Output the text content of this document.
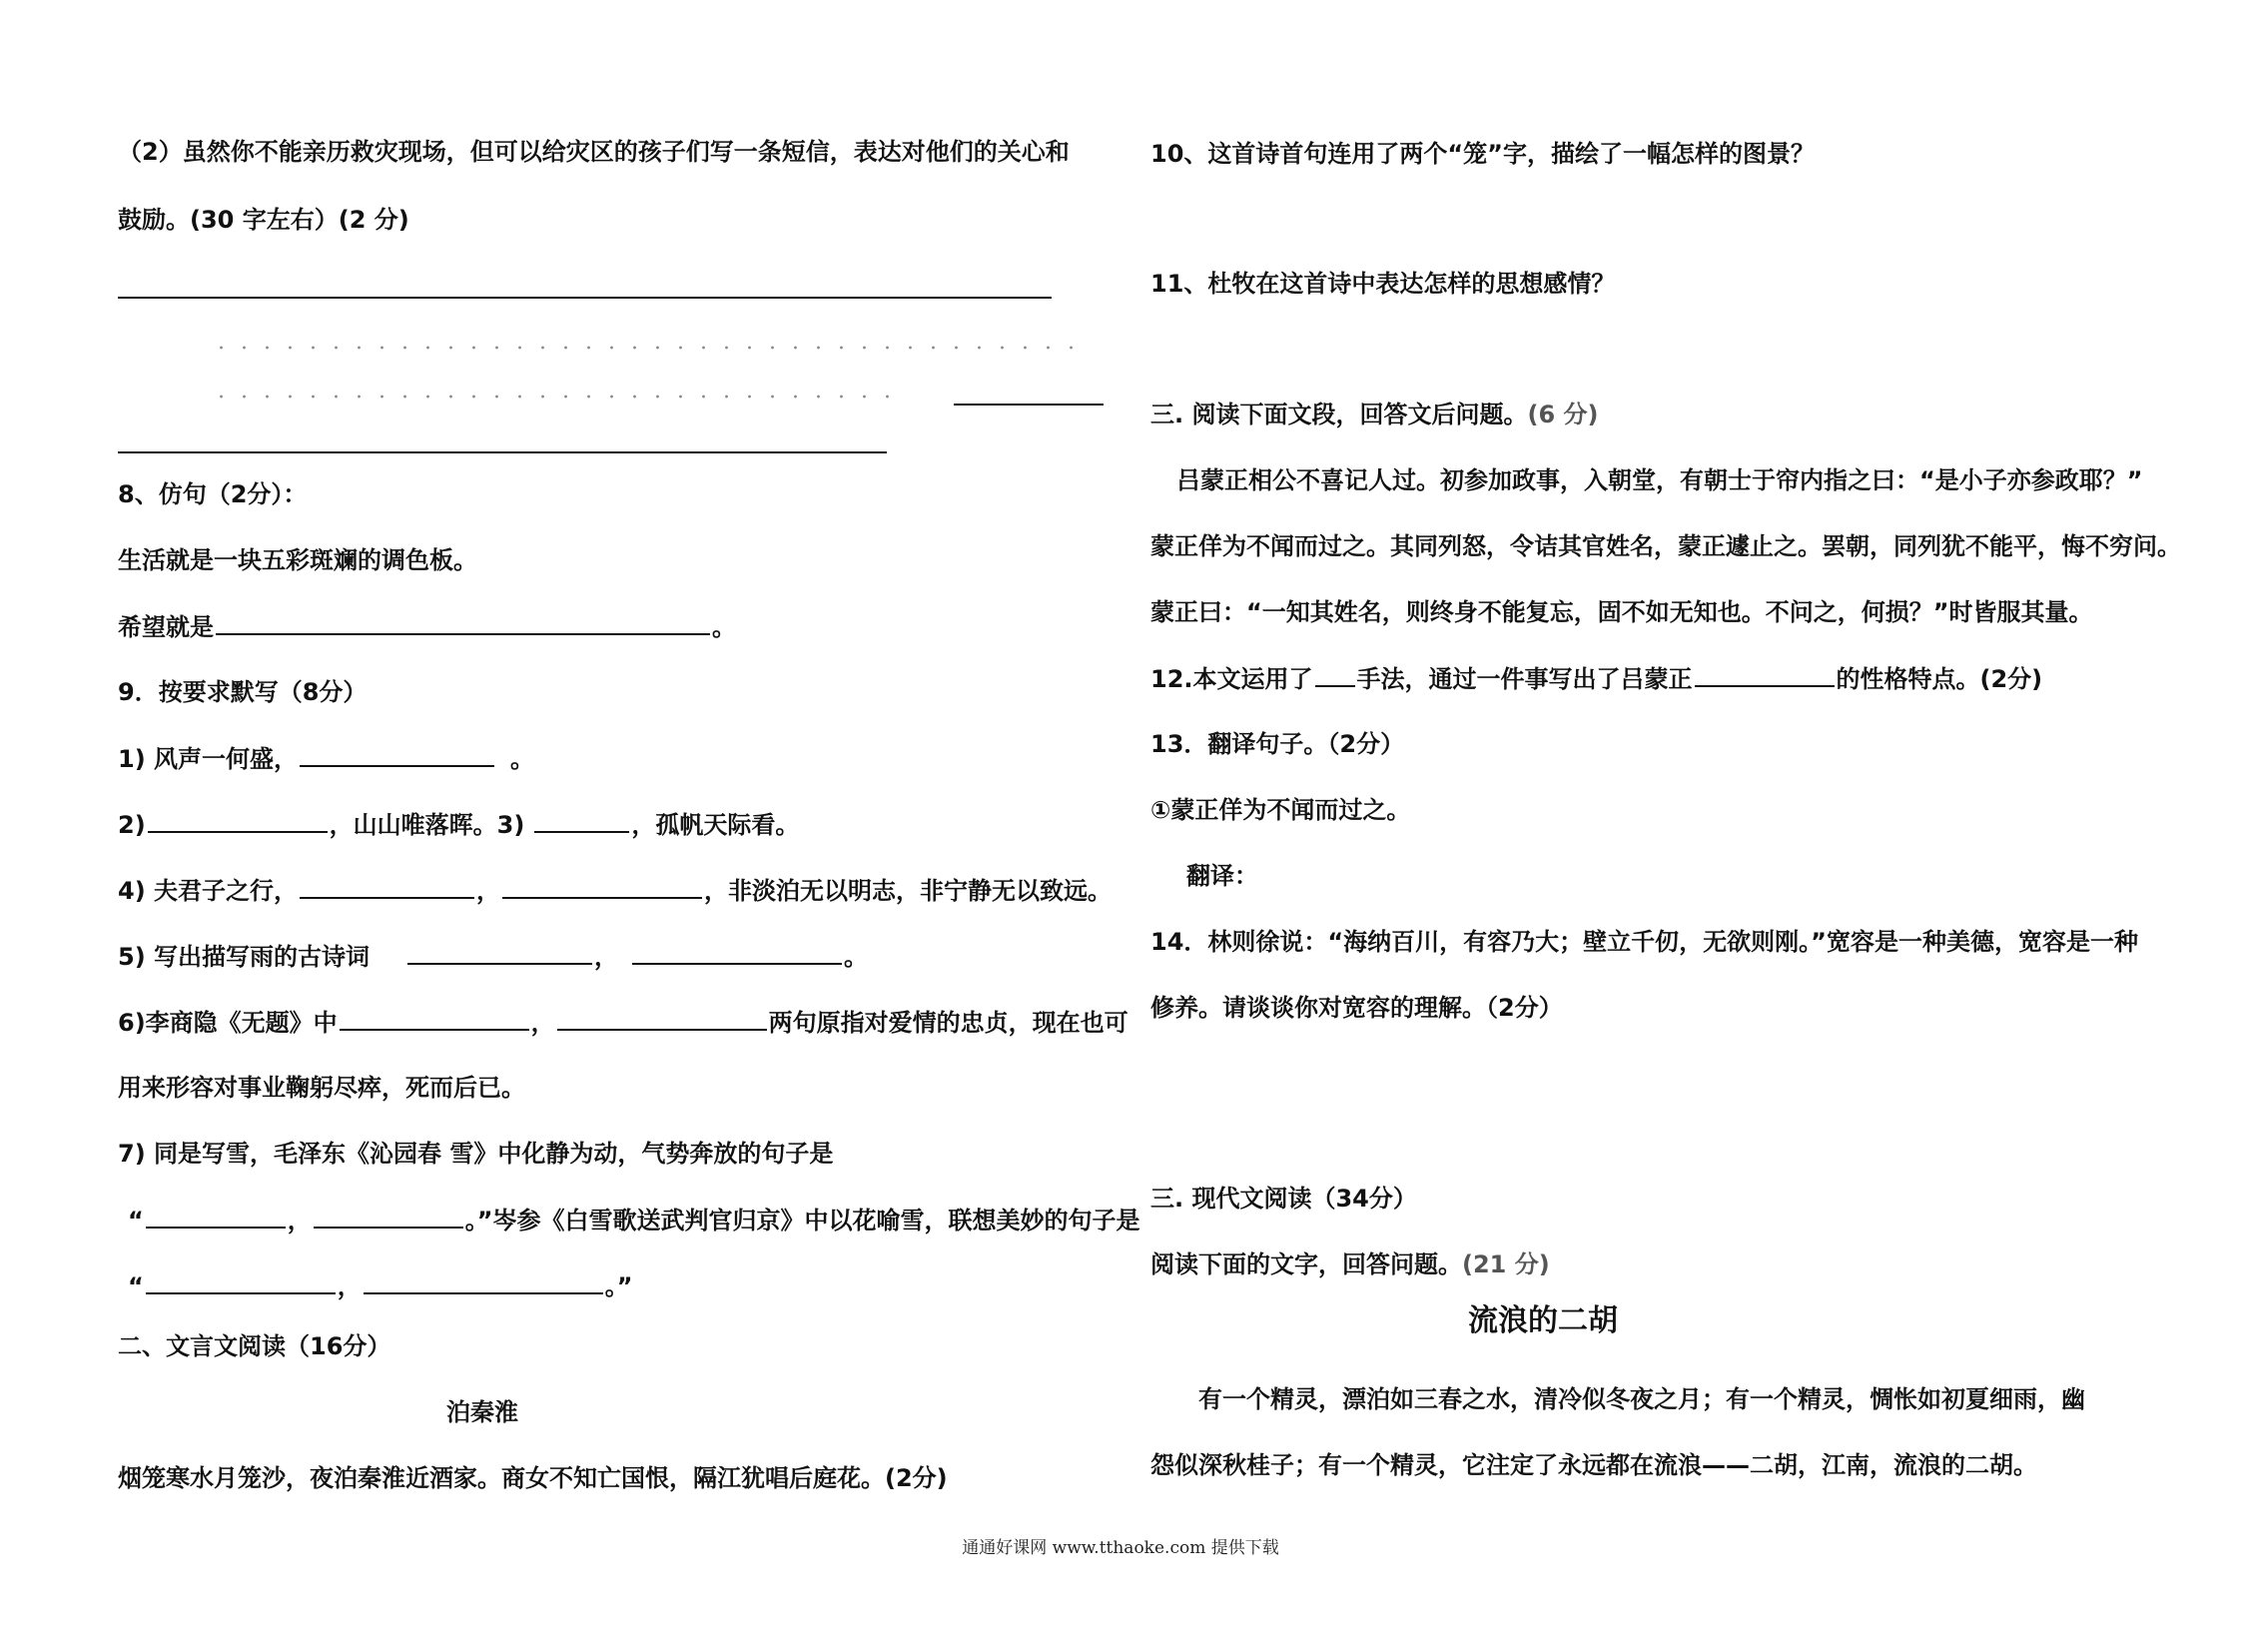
（2）虽然你不能亲历救灾现场，但可以给灾区的孩子们写一条短信，表达对他们的关心和
鼓励。(30 字左右）(2 分)
8、仿句（2分）：
生活就是一块五彩斑斓的调色板。
希望就是	。
9．按要求默写（8分）
1) 风声一何盛，	。
2)	，山山唯落晖。3)	，孤帆天际看。
4) 夫君子之行，	，	，非淡泊无以明志，非宁静无以致远。
5) 写出描写雨的古诗词	，	。
6)李商隐《无题》中	，	两句原指对爱情的忠贞，现在也可
用来形容对事业鞠躬尽瘁，死而后已。
7) 同是写雪，毛泽东《沁园春 雪》中化静为动，气势奔放的句子是
“	，	。”岑参《白雪歌送武判官归京》中以花喻雪，联想美妙的句子是
“	，	。”
二、文言文阅读（16分）
泊秦淮
烟笼寒水月笼沙，夜泊秦淮近酒家。商女不知亡国恨，隔江犹唱后庭花。(2分)
10、这首诗首句连用了两个“笼”字，描绘了一幅怎样的图景？
11、杜牧在这首诗中表达怎样的思想感情？
三. 阅读下面文段，回答文后问题。(6 分)
吕蒙正相公不喜记人过。初参加政事，入朝堂，有朝士于帘内指之曰：“是小子亦参政耶？”
蒙正佯为不闻而过之。其同列怒，令诘其官姓名，蒙正遽止之。罢朝，同列犹不能平，悔不穷问。
蒙正曰：“一知其姓名，则终身不能复忘，固不如无知也。不问之，何损？”时皆服其量。
12.本文运用了 手法，通过一件事写出了吕蒙正	的性格特点。(2分)
13．翻译句子。（2分）
①蒙正佯为不闻而过之。
翻译：
14．林则徐说：“海纳百川，有容乃大；壁立千仞，无欲则刚。”宽容是一种美德，宽容是一种
修养。请谈谈你对宽容的理解。（2分）
三. 现代文阅读（34分）
阅读下面的文字，回答问题。(21 分)
流浪的二胡
有一个精灵，漂泊如三春之水，清冷似冬夜之月；有一个精灵，惆怅如初夏细雨，幽
怨似深秋桂子；有一个精灵，它注定了永远都在流浪——二胡，江南，流浪的二胡。
通通好课网 www.tthaoke.com 提供下载
